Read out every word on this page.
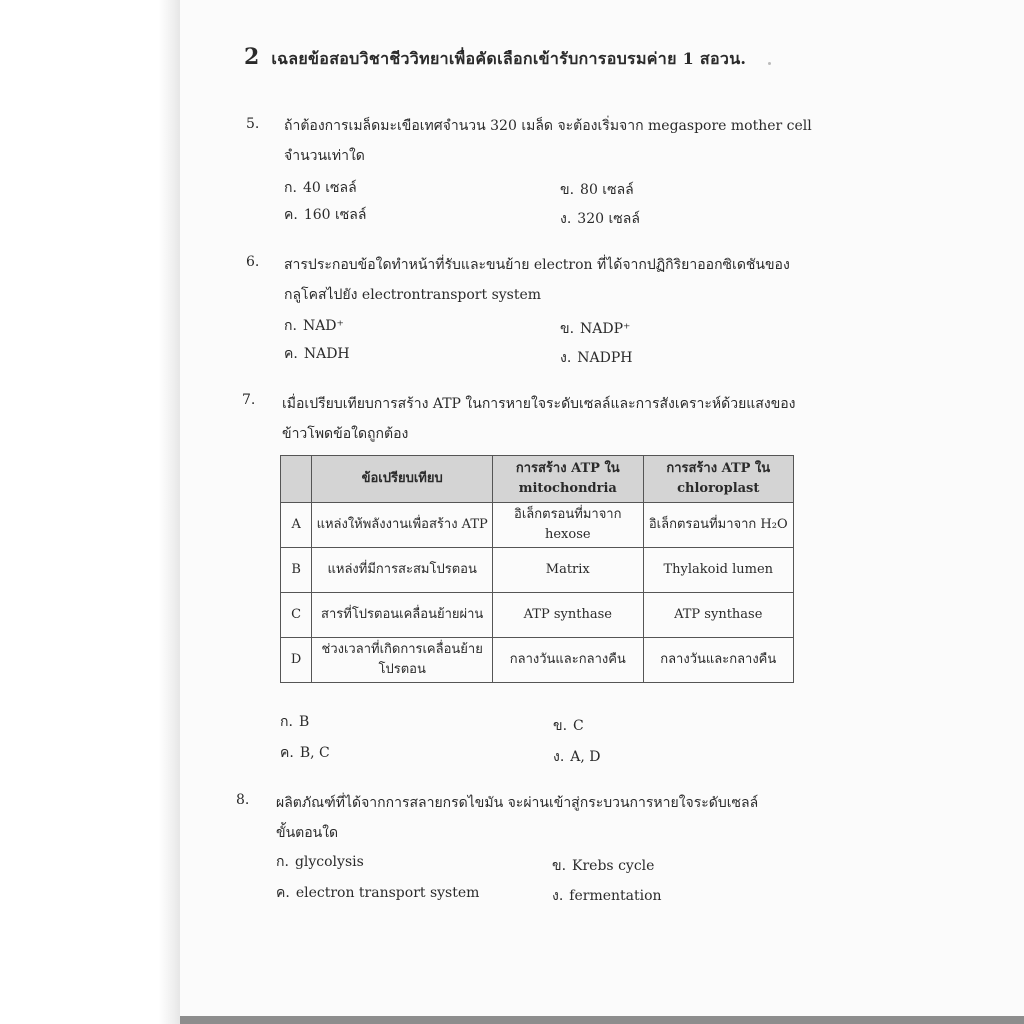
2 เฉลยข้อสอบวิชาชีววิทยาเพื่อคัดเลือกเข้ารับการอบรมค่าย 1 สอวน.
5. ถ้าต้องการเมล็ดมะเขือเทศจำนวน 320 เมล็ด จะต้องเริ่มจาก megaspore mother cell
จำนวนเท่าใด
ก. 40 เซลล์	ข. 80 เซลล์
ค. 160 เซลล์	ง. 320 เซลล์
6. สารประกอบข้อใดทำหน้าที่รับและขนย้าย electron ที่ได้จากปฏิกิริยาออกซิเดชันของ
กลูโคสไปยัง electrontransport system
ก. NAD⁺	ข. NADP⁺
ค. NADH	ง. NADPH
7. เมื่อเปรียบเทียบการสร้าง ATP ในการหายใจระดับเซลล์และการสังเคราะห์ด้วยแสงของ
ข้าวโพดข้อใดถูกต้อง
	ข้อเปรียบเทียบ	การสร้าง ATP ใน mitochondria	การสร้าง ATP ใน chloroplast
A	แหล่งให้พลังงานเพื่อสร้าง ATP	อิเล็กตรอนที่มาจาก hexose	อิเล็กตรอนที่มาจาก H₂O
B	แหล่งที่มีการสะสมโปรตอน	Matrix	Thylakoid lumen
C	สารที่โปรตอนเคลื่อนย้ายผ่าน	ATP synthase	ATP synthase
D	ช่วงเวลาที่เกิดการเคลื่อนย้ายโปรตอน	กลางวันและกลางคืน	กลางวันและกลางคืน
ก. B	ข. C
ค. B, C	ง. A, D
8. ผลิตภัณฑ์ที่ได้จากการสลายกรดไขมัน จะผ่านเข้าสู่กระบวนการหายใจระดับเซลล์
ขั้นตอนใด
ก. glycolysis	ข. Krebs cycle
ค. electron transport system	ง. fermentation
